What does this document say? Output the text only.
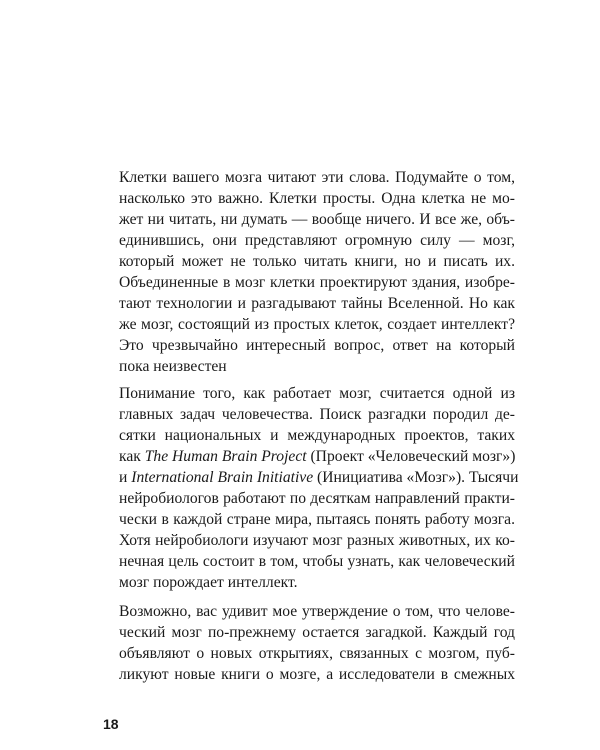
Клетки вашего мозга читают эти слова. Подумайте о том,
насколько это важно. Клетки просты. Одна клетка не мо-
жет ни читать, ни думать — вообще ничего. И все же, объ-
единившись, они представляют огромную силу — мозг,
который может не только читать книги, но и писать их.
Объединенные в мозг клетки проектируют здания, изобре-
тают технологии и разгадывают тайны Вселенной. Но как
же мозг, состоящий из простых клеток, создает интеллект?
Это чрезвычайно интересный вопрос, ответ на который
пока неизвестен
Понимание того, как работает мозг, считается одной из
главных задач человечества. Поиск разгадки породил де-
сятки национальных и международных проектов, таких
как The Human Brain Project (Проект «Человеческий мозг»)
и International Brain Initiative (Инициатива «Мозг»). Тысячи
нейробиологов работают по десяткам направлений практи-
чески в каждой стране мира, пытаясь понять работу мозга.
Хотя нейробиологи изучают мозг разных животных, их ко-
нечная цель состоит в том, чтобы узнать, как человеческий
мозг порождает интеллект.
Возможно, вас удивит мое утверждение о том, что челове-
ческий мозг по-прежнему остается загадкой. Каждый год
объявляют о новых открытиях, связанных с мозгом, пуб-
ликуют новые книги о мозге, а исследователи в смежных
18
